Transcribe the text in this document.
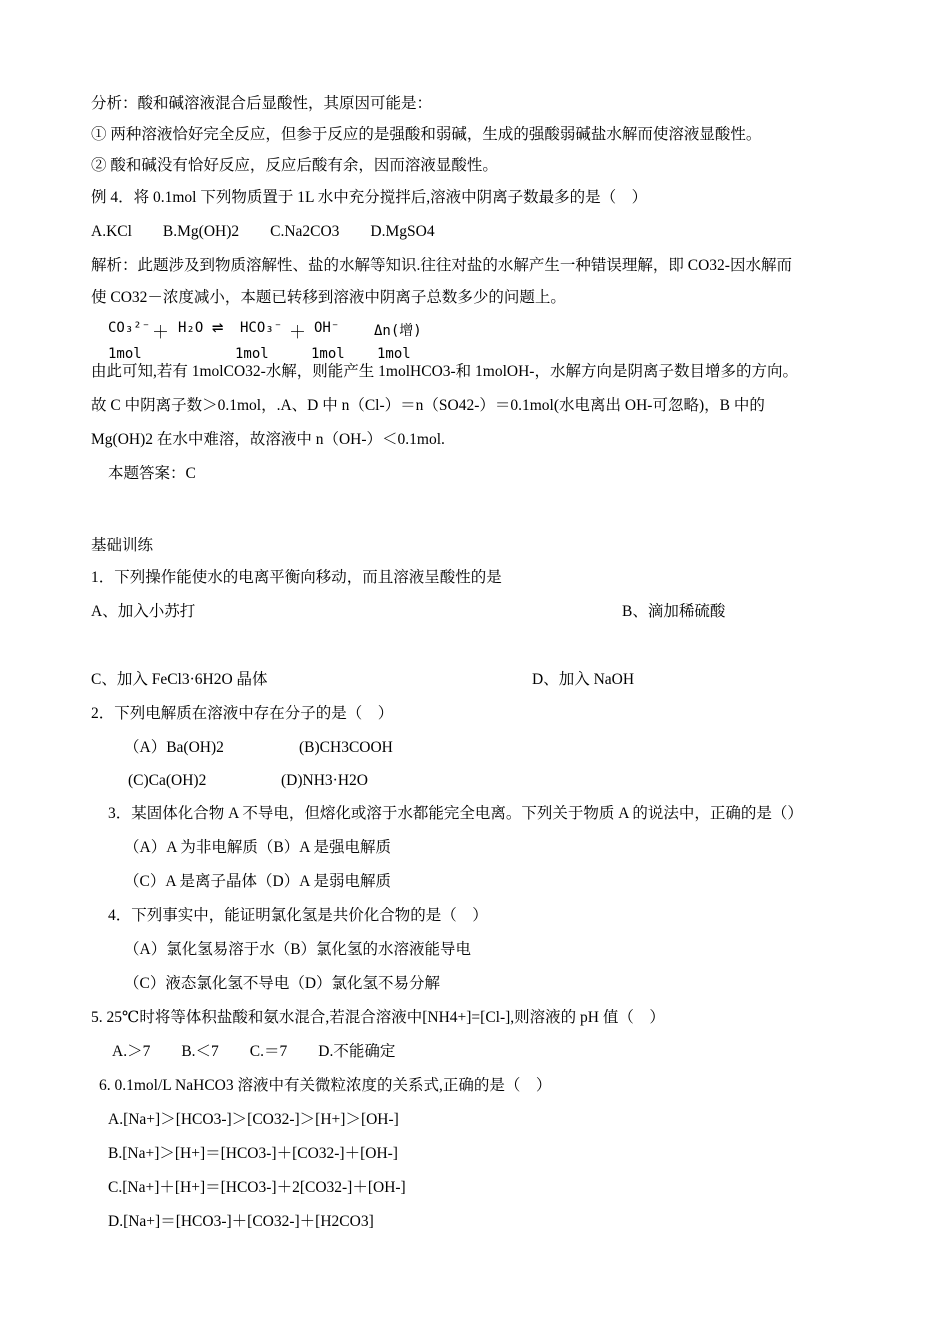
分析：酸和碱溶液混合后显酸性，其原因可能是：
① 两种溶液恰好完全反应，但参于反应的是强酸和弱碱，生成的强酸弱碱盐水解而使溶液显酸性。
② 酸和碱没有恰好反应，反应后酸有余，因而溶液显酸性。
例 4．将 0.1mol 下列物质置于 1L 水中充分搅拌后,溶液中阴离子数最多的是（　）
A.KCl　　B.Mg(OH)2　　C.Na2CO3　　D.MgSO4
解析：此题涉及到物质溶解性、盐的水解等知识.往往对盐的水解产生一种错误理解，即 CO32-因水解而
使 CO32－浓度减小，本题已转移到溶液中阴离子总数多少的问题上。
CO₃²⁻ ＋ H₂O ⇌ HCO₃⁻ ＋ OH⁻ Δn(增)
1mol	1mol	1mol 1mol
由此可知,若有 1molCO32-水解，则能产生 1molHCO3-和 1molOH-，水解方向是阴离子数目增多的方向。
故 C 中阴离子数＞0.1mol，.A、D 中 n（Cl-）＝n（SO42-）＝0.1mol(水电离出 OH-可忽略)，B 中的
Mg(OH)2 在水中难溶，故溶液中 n（OH-）＜0.1mol.
本题答案：C
基础训练
1．下列操作能使水的电离平衡向移动，而且溶液呈酸性的是
A、加入小苏打	B、滴加稀硫酸
C、加入 FeCl3·6H2O 晶体	D、加入 NaOH
2．下列电解质在溶液中存在分子的是（　）
（A）Ba(OH)2	(B)CH3COOH
(C)Ca(OH)2	(D)NH3·H2O
3．某固体化合物 A 不导电，但熔化或溶于水都能完全电离。下列关于物质 A 的说法中，正确的是（）
（A）A 为非电解质（B）A 是强电解质
（C）A 是离子晶体（D）A 是弱电解质
4．下列事实中，能证明氯化氢是共价化合物的是（　）
（A）氯化氢易溶于水（B）氯化氢的水溶液能导电
（C）液态氯化氢不导电（D）氯化氢不易分解
5. 25℃时将等体积盐酸和氨水混合,若混合溶液中[NH4+]=[Cl-],则溶液的 pH 值（　）
A.＞7　　B.＜7　　C.＝7　　D.不能确定
6. 0.1mol/L NaHCO3 溶液中有关微粒浓度的关系式,正确的是（　）
A.[Na+]＞[HCO3-]＞[CO32-]＞[H+]＞[OH-]
B.[Na+]＞[H+]＝[HCO3-]＋[CO32-]＋[OH-]
C.[Na+]＋[H+]＝[HCO3-]＋2[CO32-]＋[OH-]
D.[Na+]＝[HCO3-]＋[CO32-]＋[H2CO3]
